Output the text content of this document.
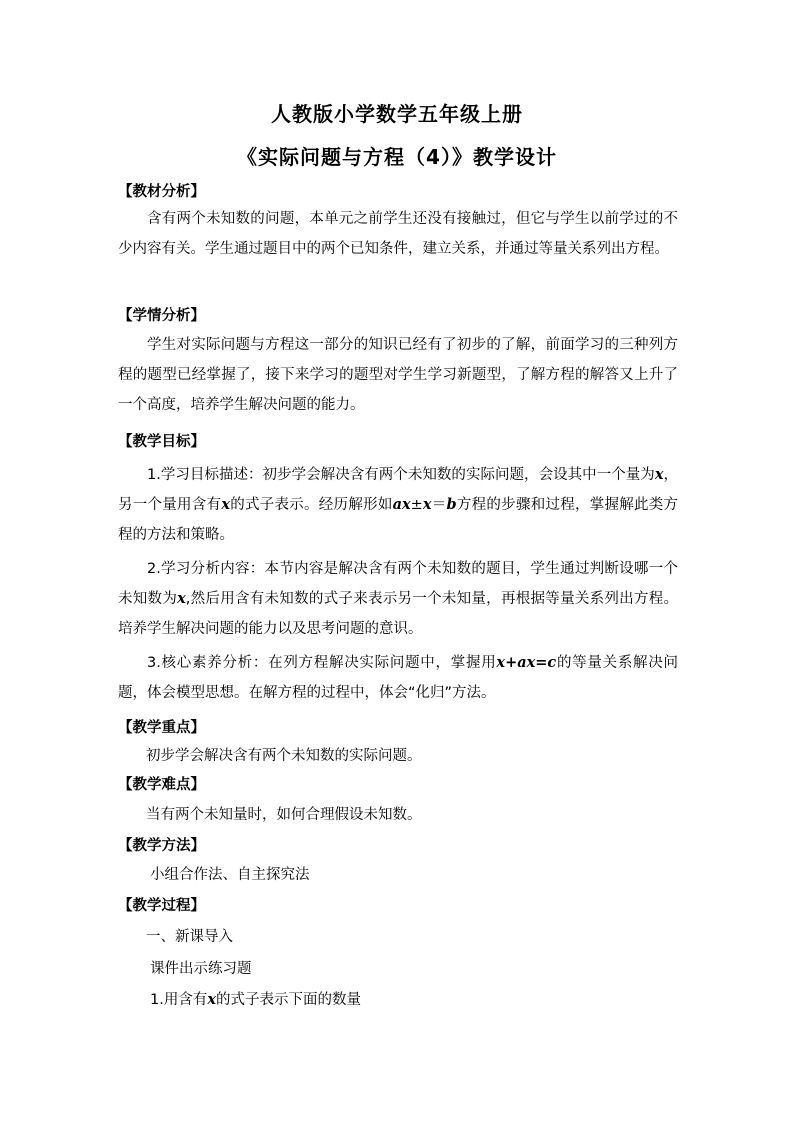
人教版小学数学五年级上册
《实际问题与方程（4）》教学设计
【教材分析】
含有两个未知数的问题，本单元之前学生还没有接触过，但它与学生以前学过的不少内容有关。学生通过题目中的两个已知条件，建立关系，并通过等量关系列出方程。
【学情分析】
学生对实际问题与方程这一部分的知识已经有了初步的了解，前面学习的三种列方程的题型已经掌握了，接下来学习的题型对学生学习新题型，了解方程的解答又上升了一个高度，培养学生解决问题的能力。
【教学目标】
1.学习目标描述：初步学会解决含有两个未知数的实际问题，会设其中一个量为x，另一个量用含有x的式子表示。经历解形如ax±x＝b方程的步骤和过程，掌握解此类方程的方法和策略。
2.学习分析内容：本节内容是解决含有两个未知数的题目，学生通过判断设哪一个未知数为x,然后用含有未知数的式子来表示另一个未知量，再根据等量关系列出方程。培养学生解决问题的能力以及思考问题的意识。
3.核心素养分析：在列方程解决实际问题中，掌握用x+ax=c的等量关系解决问题，体会模型思想。在解方程的过程中，体会“化归”方法。
【教学重点】
初步学会解决含有两个未知数的实际问题。
【教学难点】
当有两个未知量时，如何合理假设未知数。
【教学方法】
小组合作法、自主探究法
【教学过程】
一、新课导入
课件出示练习题
1.用含有x的式子表示下面的数量
